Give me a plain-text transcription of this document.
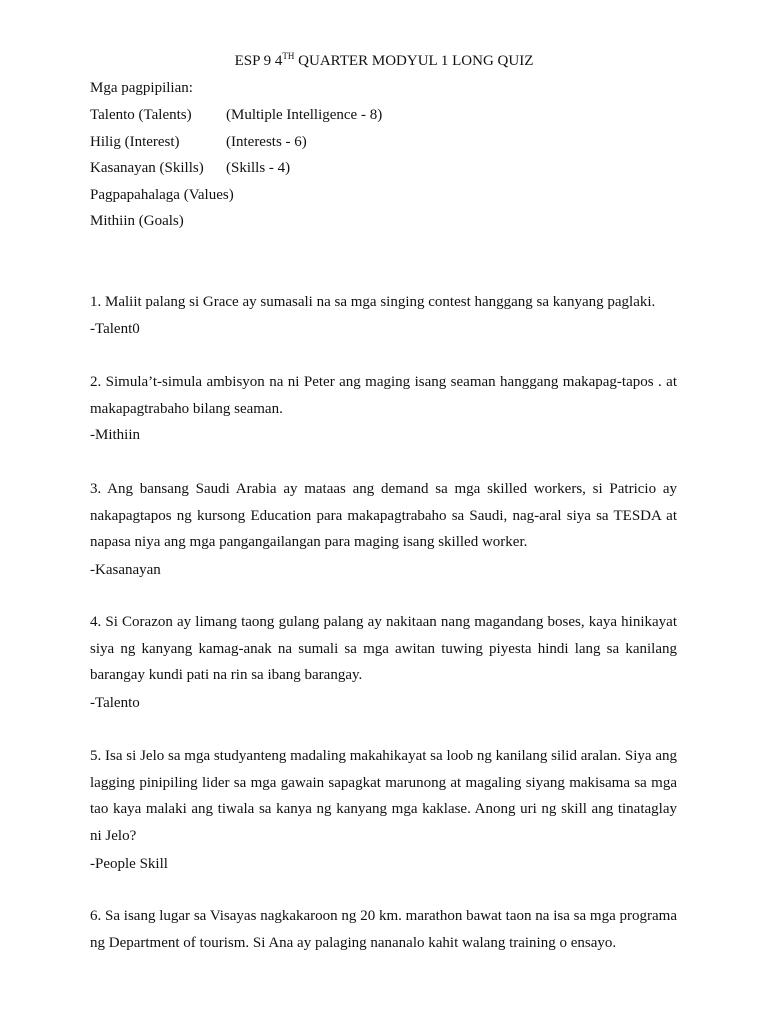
ESP 9 4TH QUARTER MODYUL 1 LONG QUIZ
Mga pagpipilian:
Talento (Talents) (Multiple Intelligence - 8)
Hilig (Interest)	(Interests - 6)
Kasanayan (Skills) (Skills - 4)
Pagpapahalaga (Values)
Mithiin (Goals)
1. Maliit palang si Grace ay sumasali na sa mga singing contest hanggang sa kanyang paglaki.
-Talent0
2. Simula’t-simula ambisyon na ni Peter ang maging isang seaman hanggang makapag-tapos . at makapagtrabaho bilang seaman.
-Mithiin
3. Ang bansang Saudi Arabia ay mataas ang demand sa mga skilled workers, si Patricio ay nakapagtapos ng kursong Education para makapagtrabaho sa Saudi, nag-aral siya sa TESDA at napasa niya ang mga pangangailangan para maging isang skilled worker.
-Kasanayan
4. Si Corazon ay limang taong gulang palang ay nakitaan nang magandang boses, kaya hinikayat siya ng kanyang kamag-anak na sumali sa mga awitan tuwing piyesta hindi lang sa kanilang barangay kundi pati na rin sa ibang barangay.
-Talento
5. Isa si Jelo sa mga studyanteng madaling makahikayat sa loob ng kanilang silid aralan. Siya ang lagging pinipiling lider sa mga gawain sapagkat marunong at magaling siyang makisama sa mga tao kaya malaki ang tiwala sa kanya ng kanyang mga kaklase. Anong uri ng skill ang tinataglay ni Jelo?
-People Skill
6. Sa isang lugar sa Visayas nagkakaroon ng 20 km. marathon bawat taon na isa sa mga programa ng Department of tourism. Si Ana ay palaging nananalo kahit walang training o ensayo.
